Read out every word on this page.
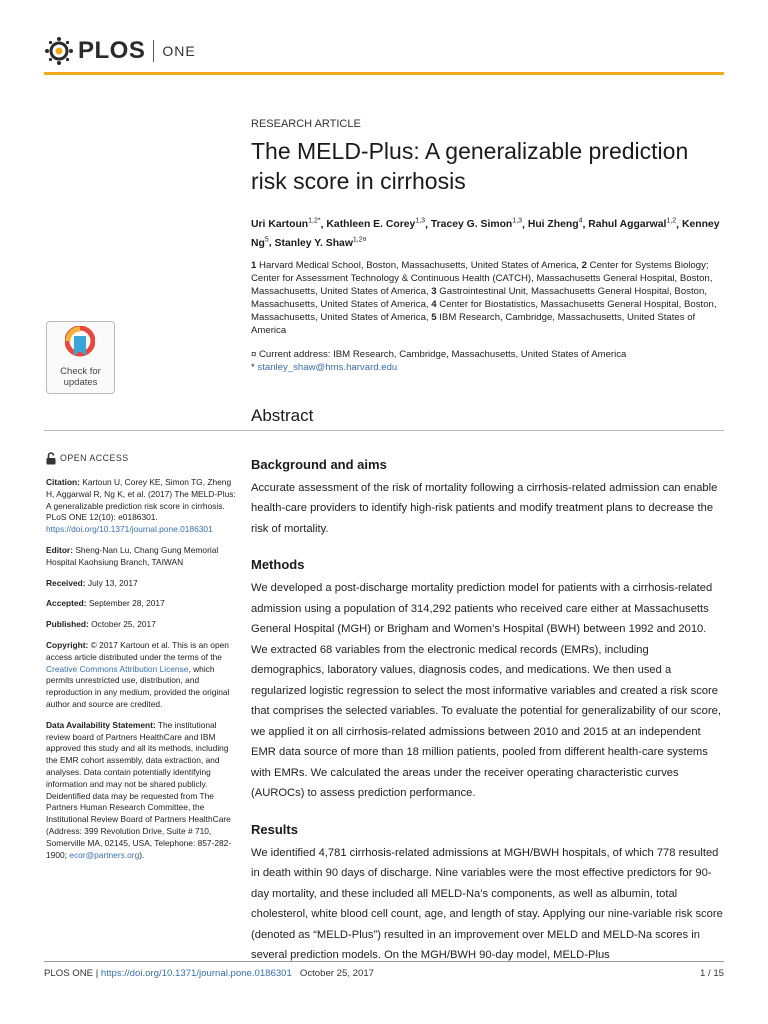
PLOS ONE
Check for
updates
RESEARCH ARTICLE
The MELD-Plus: A generalizable prediction risk score in cirrhosis
Uri Kartoun$^{1,2*}$, Kathleen E. Corey$^{1,3}$, Tracey G. Simon$^{1,3}$, Hui Zheng$^4$, Rahul Aggarwal$^{1,2}$, Kenney Ng$^5$, Stanley Y. Shaw$^{1,2¤}$
1 Harvard Medical School, Boston, Massachusetts, United States of America, 2 Center for Systems Biology; Center for Assessment Technology & Continuous Health (CATCH), Massachusetts General Hospital, Boston, Massachusetts, United States of America, 3 Gastrointestinal Unit, Massachusetts General Hospital, Boston, Massachusetts, United States of America, 4 Center for Biostatistics, Massachusetts General Hospital, Boston, Massachusetts, United States of America, 5 IBM Research, Cambridge, Massachusetts, United States of America
¤ Current address: IBM Research, Cambridge, Massachusetts, United States of America
* stanley_shaw@hms.harvard.edu
Abstract
Background and aims
Accurate assessment of the risk of mortality following a cirrhosis-related admission can enable health-care providers to identify high-risk patients and modify treatment plans to decrease the risk of mortality.
Methods
We developed a post-discharge mortality prediction model for patients with a cirrhosis-related admission using a population of 314,292 patients who received care either at Massachusetts General Hospital (MGH) or Brigham and Women’s Hospital (BWH) between 1992 and 2010. We extracted 68 variables from the electronic medical records (EMRs), including demographics, laboratory values, diagnosis codes, and medications. We then used a regularized logistic regression to select the most informative variables and created a risk score that comprises the selected variables. To evaluate the potential for generalizability of our score, we applied it on all cirrhosis-related admissions between 2010 and 2015 at an independent EMR data source of more than 18 million patients, pooled from different health-care systems with EMRs. We calculated the areas under the receiver operating characteristic curves (AUROCs) to assess prediction performance.
Results
We identified 4,781 cirrhosis-related admissions at MGH/BWH hospitals, of which 778 resulted in death within 90 days of discharge. Nine variables were the most effective predictors for 90-day mortality, and these included all MELD-Na’s components, as well as albumin, total cholesterol, white blood cell count, age, and length of stay. Applying our nine-variable risk score (denoted as “MELD-Plus”) resulted in an improvement over MELD and MELD-Na scores in several prediction models. On the MGH/BWH 90-day model, MELD-Plus
OPEN ACCESS

Citation: Kartoun U, Corey KE, Simon TG, Zheng H, Aggarwal R, Ng K, et al. (2017) The MELD-Plus: A generalizable prediction risk score in cirrhosis. PLoS ONE 12(10): e0186301. https://doi.org/10.1371/journal.pone.0186301

Editor: Sheng-Nan Lu, Chang Gung Memorial Hospital Kaohsiung Branch, TAIWAN

Received: July 13, 2017

Accepted: September 28, 2017

Published: October 25, 2017

Copyright: © 2017 Kartoun et al. This is an open access article distributed under the terms of the Creative Commons Attribution License, which permits unrestricted use, distribution, and reproduction in any medium, provided the original author and source are credited.

Data Availability Statement: The institutional review board of Partners HealthCare and IBM approved this study and all its methods, including the EMR cohort assembly, data extraction, and analyses. Data contain potentially identifying information and may not be shared publicly. Deidentified data may be requested from The Partners Human Research Committee, the Institutional Review Board of Partners HealthCare (Address: 399 Revolution Drive, Suite # 710, Somerville MA, 02145, USA, Telephone: 857-282-1900; ecor@partners.org).

PLOS ONE |
https://doi.org/10.1371/journal.pone.0186301 October 25, 2017	1 / 15
